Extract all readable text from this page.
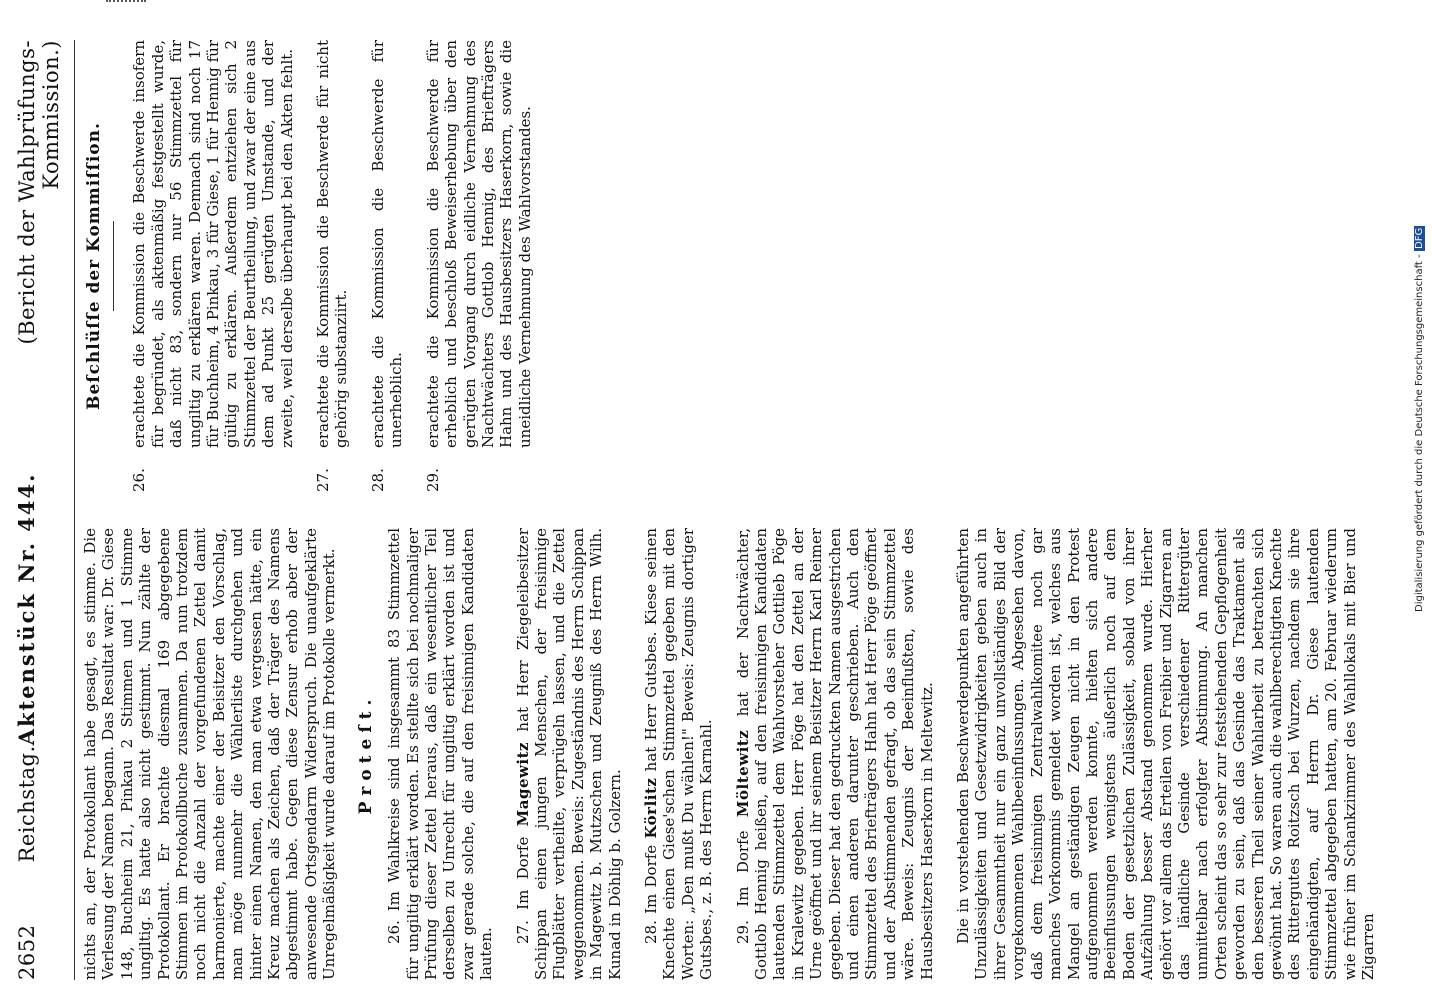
2652
Reichstag.
Aktenstück Nr. 444.
(Bericht der Wahlprüfungs-Kommission.)

nichts an, der Protokollant habe gesagt, es stimme. Die Verlesung der Namen begann. Das Resultat war: Dr. Giese 148, Buchheim 21, Pinkau 2 Stimmen und 1 Stimme ungiltig. Es hatte also nicht gestimmt. Nun zählte der Protokollant. Er brachte diesmal 169 abgegebene Stimmen im Protokollbuche zusammen. Da nun trotzdem noch nicht die Anzahl der vorgefundenen Zettel damit harmonierte, machte einer der Beisitzer den Vorschlag, man möge nunmehr die Wählerliste durchgehen und hinter einen Namen, den man etwa vergessen hätte, ein Kreuz machen als Zeichen, daß der Träger des Namens abgestimmt habe. Gegen diese Zensur erhob aber der anwesende Ortsgendarm Widerspruch. Die unaufgeklärte Unregelmäßigkeit wurde darauf im Protokolle vermerkt. Proteſt. 26. Im Wahlkreise sind insgesammt 83 Stimmzettel für ungiltig erklärt worden. Es stellte sich bei nochmaliger Prüfung dieser Zettel heraus, daß ein wesentlicher Teil derselben zu Unrecht für ungiltig erklärt worden ist und zwar gerade solche, die auf den freisinnigen Kandidaten lauten. 27. Im Dorfe Magewitz hat Herr Ziegeleibesitzer Schippan einen jungen Menschen, der freisinnige Flugblätter vertheilte, verprügeln lassen, und die Zettel weggenommen. Beweis: Zugeständnis des Herrn Schippan in Magewitz b. Mutzschen und Zeugniß des Herrn Wilh. Kunad in Döhlig b. Golzern. 28. Im Dorfe Körlitz hat Herr Gutsbes. Kiese seinen Knechte einen Giese'schen Stimmzettel gegeben mit den Worten: „Den mußt Du wählen!" Beweis: Zeugnis dortiger Gutsbes., z. B. des Herrn Karnahl. 29. Im Dorfe Möltewitz hat der Nachtwächter, Gottlob Hennig heißen, auf den freisinnigen Kandidaten lautenden Stimmzettel dem Wahlvorsteher Gottlieb Pöge in Kralewitz gegeben. Herr Pöge hat den Zettel an der Urne geöffnet und ihr seinem Beisitzer Herrn Karl Reimer gegeben. Dieser hat den gedruckten Namen ausgestrichen und einen anderen darunter geschrieben. Auch den Stimmzettel des Briefträgers Hahn hat Herr Pöge geöffnet und der Abstimmenden gefragt, ob das sein Stimmzettel wäre. Beweis: Zeugnis der Beeinflußten, sowie des Hausbesitzers Haserkorn in Meltewitz. Die in vorstehenden Beschwerdepunkten angeführten Unzulässigkeiten und Gesetzwidrigkeiten geben auch in ihrer Gesammtheit nur ein ganz unvollständiges Bild der vorgekommenen Wahlbeeinflussungen. Abgesehen davon, daß dem freisinnigen Zentralwahlkomitee noch gar manches Vorkommnis gemeldet worden ist, welches aus Mangel an geständigen Zeugen nicht in den Protest aufgenommen werden konnte, hielten sich andere Beeinflussungen wenigstens äußerlich noch auf dem Boden der gesetzlichen Zulässigkeit, sobald von ihrer Aufzählung besser Abstand genommen wurde. Hierher gehört vor allem das Erteilen von Freibier und Zigarren an das ländliche Gesinde verschiedener Rittergüter unmittelbar nach erfolgter Abstimmung. An manchen Orten scheint das so sehr zur feststehenden Gepflogenheit geworden zu sein, daß das Gesinde das Traktament als den besseren Theil seiner Wahlarbeit zu betrachten sich gewöhnt hat. So waren auch die wahlberechtigten Knechte des Rittergutes Roitzsch bei Wurzen, nachdem sie ihre eingehändigten, auf Herrn Dr. Giese lautenden Stimmzettel abgegeben hatten, am 20. Februar wiederum wie früher im Schankzimmer des Wahllokals mit Bier und Zigarren

Beſchlüſſe der Kommiſſion.
26.
erachtete die Kommission die Beschwerde insofern für begründet, als aktenmäßig festgestellt wurde, daß nicht 83, sondern nur 56 Stimmzettel für ungiltig zu erklären waren. Demnach sind noch 17 für Buchheim, 4 Pinkau, 3 für Giese, 1 für Hennig für gültig zu erklären. Außerdem entziehen sich 2 Stimmzettel der Beurtheilung, und zwar der eine aus dem ad Punkt 25 gerügten Umstande, und der zweite, weil derselbe überhaupt bei den Akten fehlt.
27.
erachtete die Kommission die Beschwerde für nicht gehörig substanziirt.
28.
erachtete die Kommission die Beschwerde für unerheblich.
29.
erachtete die Kommission die Beschwerde für erheblich und beschloß Beweiserhebung über den gerügten Vorgang durch eidliche Vernehmung des Nachtwächters Gottlob Hennig, des Briefträgers Hahn und des Hausbesitzers Haserkorn, sowie die uneidliche Vernehmung des Wahlvorstandes.	Digitalisierung gefördert durch die Deutsche Forschungsgemeinschaft - DFG
